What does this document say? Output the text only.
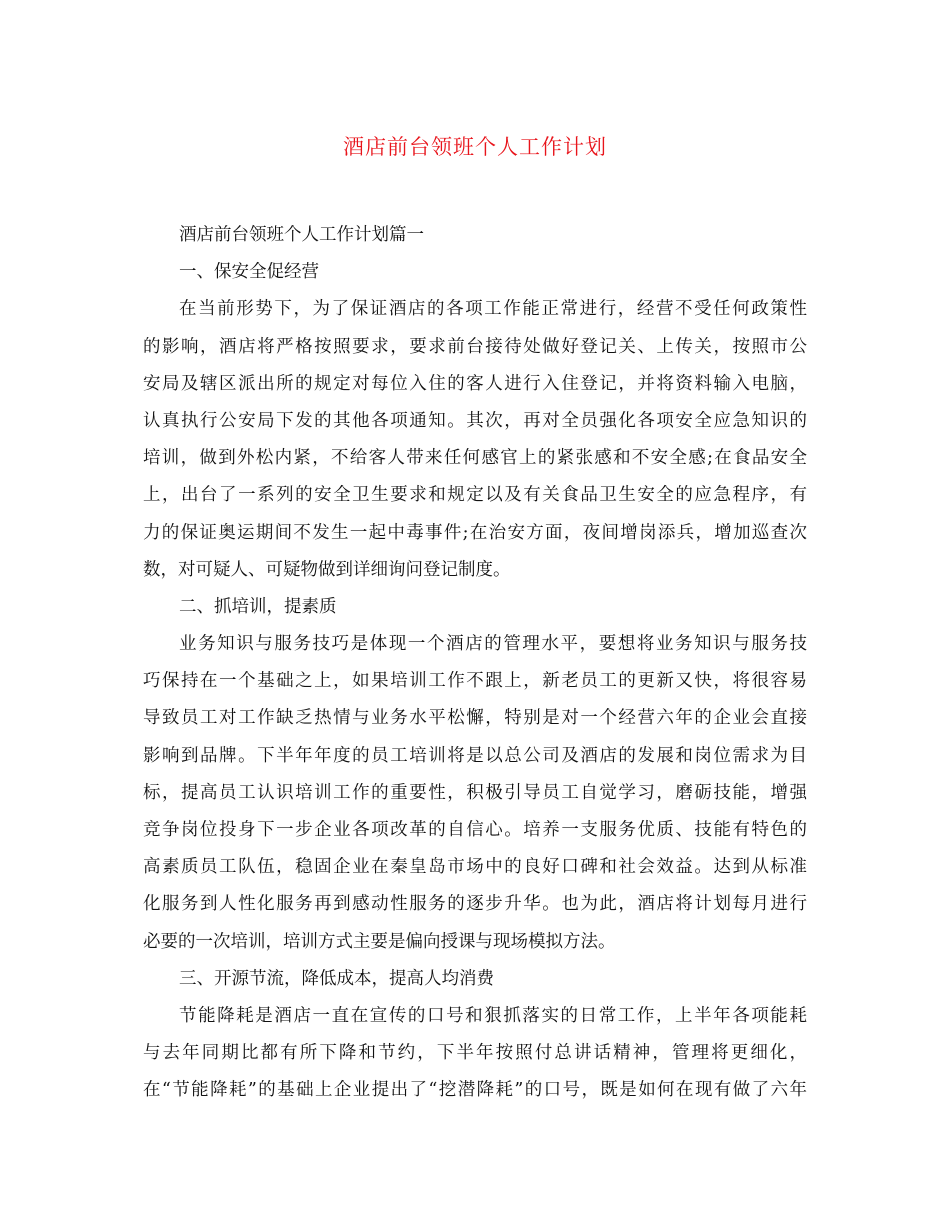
酒店前台领班个人工作计划
酒店前台领班个人工作计划篇一
一、保安全促经营
在当前形势下，为了保证酒店的各项工作能正常进行，经营不受任何政策性
的影响，酒店将严格按照要求，要求前台接待处做好登记关、上传关，按照市公
安局及辖区派出所的规定对每位入住的客人进行入住登记，并将资料输入电脑，
认真执行公安局下发的其他各项通知。其次，再对全员强化各项安全应急知识的
培训，做到外松内紧，不给客人带来任何感官上的紧张感和不安全感;在食品安全
上，出台了一系列的安全卫生要求和规定以及有关食品卫生安全的应急程序，有
力的保证奥运期间不发生一起中毒事件;在治安方面，夜间增岗添兵，增加巡查次
数，对可疑人、可疑物做到详细询问登记制度。
二、抓培训，提素质
业务知识与服务技巧是体现一个酒店的管理水平，要想将业务知识与服务技
巧保持在一个基础之上，如果培训工作不跟上，新老员工的更新又快，将很容易
导致员工对工作缺乏热情与业务水平松懈，特别是对一个经营六年的企业会直接
影响到品牌。下半年年度的员工培训将是以总公司及酒店的发展和岗位需求为目
标，提高员工认识培训工作的重要性，积极引导员工自觉学习，磨砺技能，增强
竞争岗位投身下一步企业各项改革的自信心。培养一支服务优质、技能有特色的
高素质员工队伍，稳固企业在秦皇岛市场中的良好口碑和社会效益。达到从标准
化服务到人性化服务再到感动性服务的逐步升华。也为此，酒店将计划每月进行
必要的一次培训，培训方式主要是偏向授课与现场模拟方法。
三、开源节流，降低成本，提高人均消费
节能降耗是酒店一直在宣传的口号和狠抓落实的日常工作，上半年各项能耗
与去年同期比都有所下降和节约，下半年按照付总讲话精神，管理将更细化，
在“节能降耗”的基础上企业提出了“挖潜降耗”的口号，既是如何在现有做了六年
